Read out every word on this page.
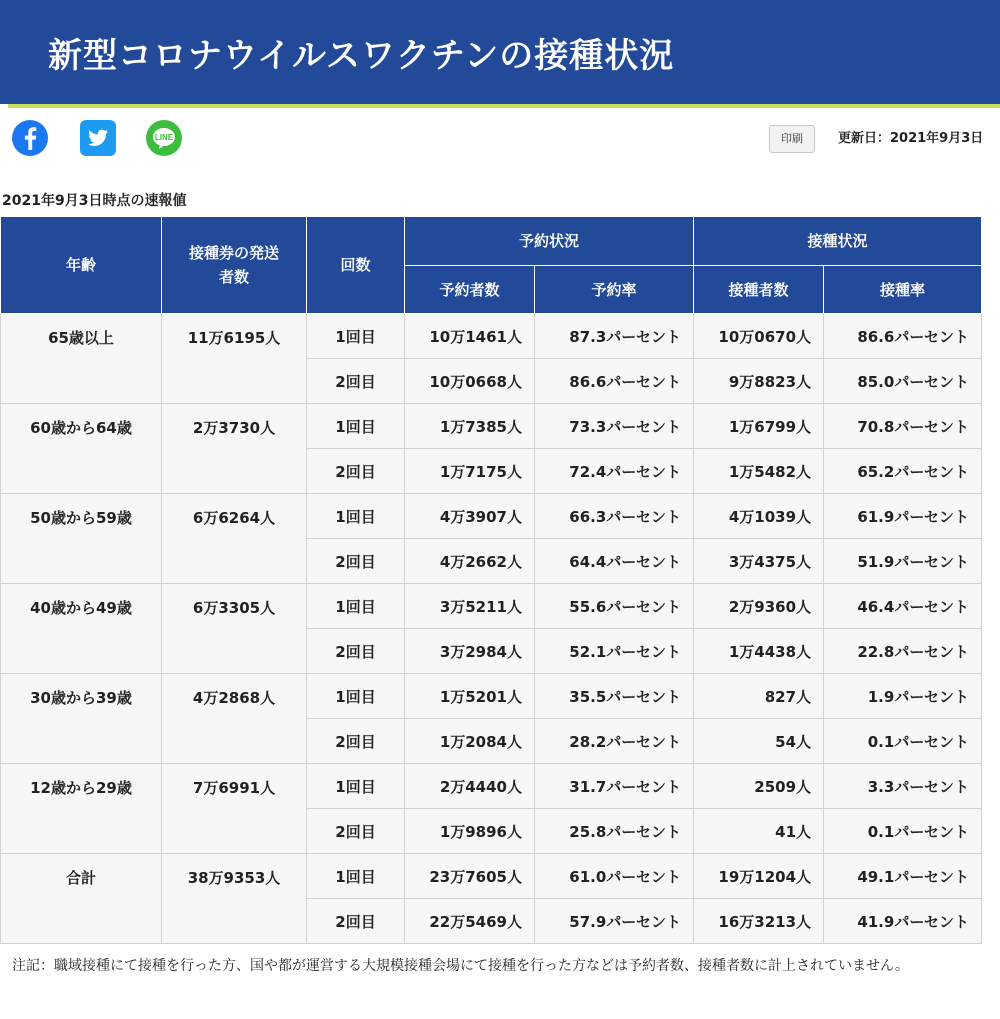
新型コロナウイルスワクチンの接種状況
LINE	印刷	更新日：2021年9月3日
2021年9月3日時点の速報値
年齢	接種券の発送者数	回数	予約状況		接種状況	
			予約者数	予約率	接種者数	接種率
65歳以上	11万6195人	1回目	10万1461人	87.3パーセント	10万0670人	86.6パーセント
		2回目	10万0668人	86.6パーセント	9万8823人	85.0パーセント
60歳から64歳	2万3730人	1回目	1万7385人	73.3パーセント	1万6799人	70.8パーセント
		2回目	1万7175人	72.4パーセント	1万5482人	65.2パーセント
50歳から59歳	6万6264人	1回目	4万3907人	66.3パーセント	4万1039人	61.9パーセント
		2回目	4万2662人	64.4パーセント	3万4375人	51.9パーセント
40歳から49歳	6万3305人	1回目	3万5211人	55.6パーセント	2万9360人	46.4パーセント
		2回目	3万2984人	52.1パーセント	1万4438人	22.8パーセント
30歳から39歳	4万2868人	1回目	1万5201人	35.5パーセント	827人	1.9パーセント
		2回目	1万2084人	28.2パーセント	54人	0.1パーセント
12歳から29歳	7万6991人	1回目	2万4440人	31.7パーセント	2509人	3.3パーセント
		2回目	1万9896人	25.8パーセント	41人	0.1パーセント
合計	38万9353人	1回目	23万7605人	61.0パーセント	19万1204人	49.1パーセント
		2回目	22万5469人	57.9パーセント	16万3213人	41.9パーセント
注記：職域接種にて接種を行った方、国や都が運営する大規模接種会場にて接種を行った方などは予約者数、接種者数に計上されていません。
